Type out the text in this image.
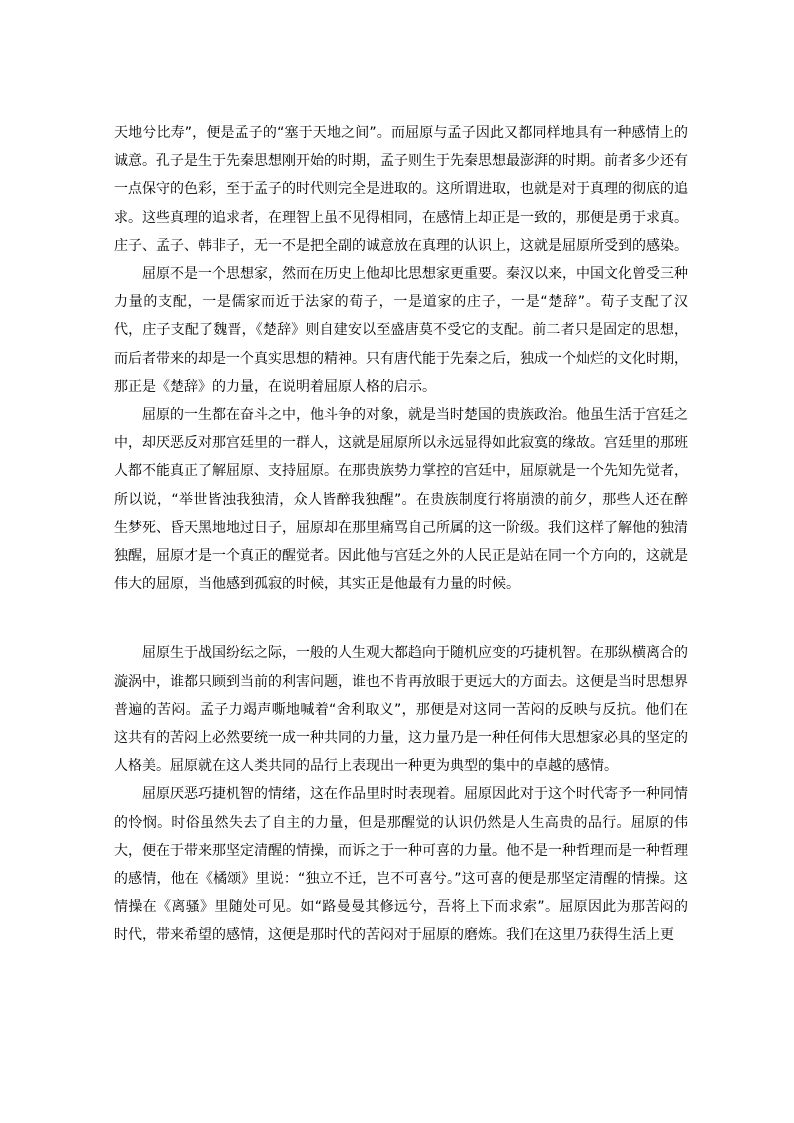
天地兮比寿”，便是孟子的“塞于天地之间”。而屈原与孟子因此又都同样地具有一种感情上的诚意。孔子是生于先秦思想刚开始的时期，孟子则生于先秦思想最澎湃的时期。前者多少还有一点保守的色彩，至于孟子的时代则完全是进取的。这所谓进取，也就是对于真理的彻底的追求。这些真理的追求者，在理智上虽不见得相同，在感情上却正是一致的，那便是勇于求真。庄子、孟子、韩非子，无一不是把全副的诚意放在真理的认识上，这就是屈原所受到的感染。

屈原不是一个思想家，然而在历史上他却比思想家更重要。秦汉以来，中国文化曾受三种力量的支配，一是儒家而近于法家的荀子，一是道家的庄子，一是“楚辞”。荀子支配了汉代，庄子支配了魏晋，《楚辞》则自建安以至盛唐莫不受它的支配。前二者只是固定的思想，而后者带来的却是一个真实思想的精神。只有唐代能于先秦之后，独成一个灿烂的文化时期，那正是《楚辞》的力量，在说明着屈原人格的启示。

屈原的一生都在奋斗之中，他斗争的对象，就是当时楚国的贵族政治。他虽生活于宫廷之中，却厌恶反对那宫廷里的一群人，这就是屈原所以永远显得如此寂寞的缘故。宫廷里的那班人都不能真正了解屈原、支持屈原。在那贵族势力掌控的宫廷中，屈原就是一个先知先觉者，所以说，“举世皆浊我独清，众人皆醉我独醒”。在贵族制度行将崩溃的前夕，那些人还在醉生梦死、昏天黑地地过日子，屈原却在那里痛骂自己所属的这一阶级。我们这样了解他的独清独醒，屈原才是一个真正的醒觉者。因此他与宫廷之外的人民正是站在同一个方向的，这就是伟大的屈原，当他感到孤寂的时候，其实正是他最有力量的时候。

屈原生于战国纷纭之际，一般的人生观大都趋向于随机应变的巧捷机智。在那纵横离合的漩涡中，谁都只顾到当前的利害问题，谁也不肯再放眼于更远大的方面去。这便是当时思想界普遍的苦闷。孟子力竭声嘶地喊着“舍利取义”，那便是对这同一苦闷的反映与反抗。他们在这共有的苦闷上必然要统一成一种共同的力量，这力量乃是一种任何伟大思想家必具的坚定的人格美。屈原就在这人类共同的品行上表现出一种更为典型的集中的卓越的感情。

屈原厌恶巧捷机智的情绪，这在作品里时时表现着。屈原因此对于这个时代寄予一种同情的怜悯。时俗虽然失去了自主的力量，但是那醒觉的认识仍然是人生高贵的品行。屈原的伟大，便在于带来那坚定清醒的情操，而诉之于一种可喜的力量。他不是一种哲理而是一种哲理的感情，他在《橘颂》里说：“独立不迁，岂不可喜兮。”这可喜的便是那坚定清醒的情操。这情操在《离骚》里随处可见。如“路曼曼其修远兮，吾将上下而求索”。屈原因此为那苦闷的时代，带来希望的感情，这便是那时代的苦闷对于屈原的磨炼。我们在这里乃获得生活上更
